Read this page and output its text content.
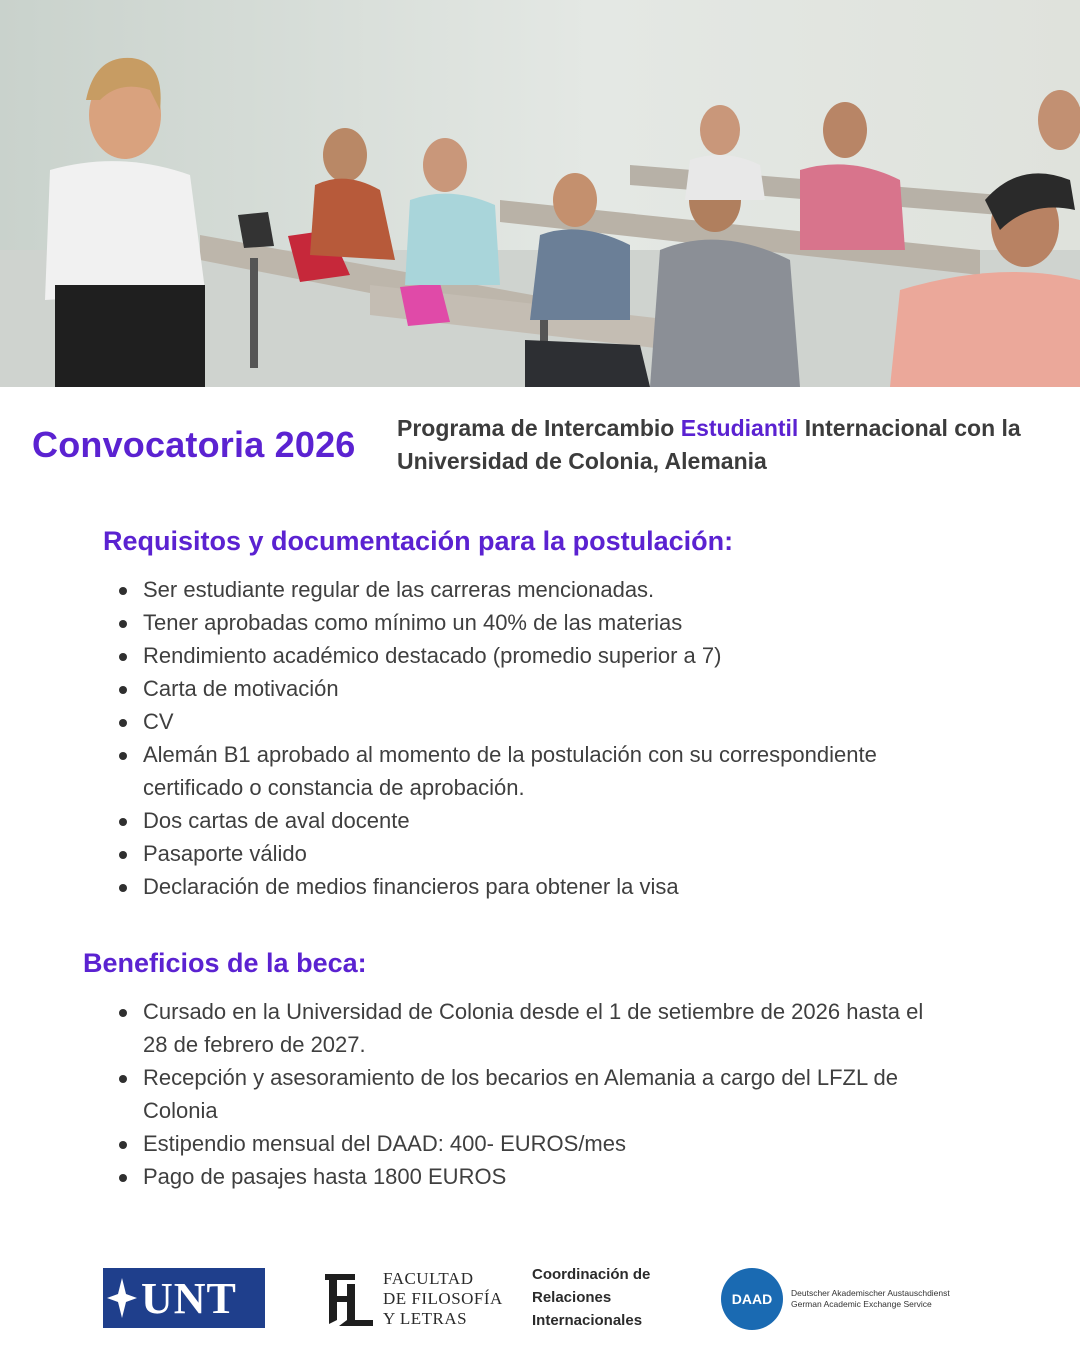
Convocatoria 2026 Programa de Intercambio Estudiantil Internacional con la Universidad de Colonia, Alemania
Requisitos y documentación para la postulación:
Ser estudiante regular de las carreras mencionadas.
Tener aprobadas como mínimo un 40% de las materias
Rendimiento académico destacado (promedio superior a 7)
Carta de motivación
CV
Alemán B1 aprobado al momento de la postulación con su correspondiente certificado o constancia de aprobación.
Dos cartas de aval docente
Pasaporte válido
Declaración de medios financieros para obtener la visa
Beneficios de la beca:
Cursado en la Universidad de Colonia desde el 1 de setiembre de 2026 hasta el 28 de febrero de 2027.
Recepción y asesoramiento de los becarios en Alemania a cargo del LFZL de Colonia
Estipendio mensual del DAAD: 400- EUROS/mes
Pago de pasajes hasta 1800 EUROS
UNT	FACULTAD
DE FILOSOFÍA
Y LETRAS
Coordinación de
Relaciones
Internacionales
DAAD	Deutscher Akademischer Austauschdienst
German Academic Exchange Service
